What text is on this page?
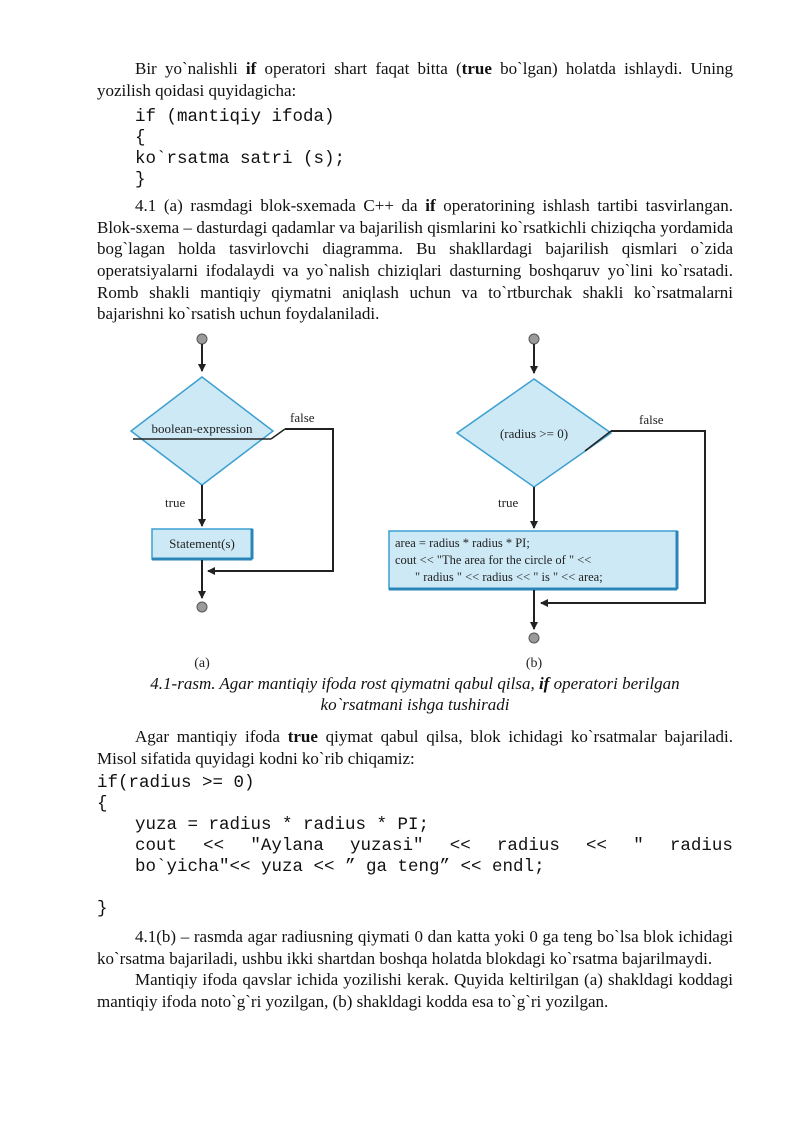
Bir yo`nalishli if operatori shart faqat bitta (true bo`lgan) holatda ishlaydi. Uning yozilish qoidasi quyidagicha:

if (mantiqiy ifoda)
{
ko`rsatma satri (s);
}

4.1 (a) rasmdagi blok-sxemada C++ da if operatorining ishlash tartibi tasvirlangan. Blok-sxema – dasturdagi qadamlar va bajarilish qismlarini ko`rsatkichli chiziqcha yordamida bog`lagan holda tasvirlovchi diagramma. Bu shakllardagi bajarilish qismlari o`zida operatsiyalarni ifodalaydi va yo`nalish chiziqlari dasturning boshqaruv yo`lini ko`rsatadi. Romb shakli mantiqiy qiymatni aniqlash uchun va to`rtburchak shakli ko`rsatmalarni bajarishni ko`rsatish uchun foydalaniladi.

boolean-expression
false
true
Statement(s)
(a)
(radius >= 0)
false
true
area = radius * radius * PI;
cout << "The area for the circle of " <<
" radius " << radius << " is " << area;
(b)

4.1-rasm. Agar mantiqiy ifoda rost qiymatni qabul qilsa, if operatori berilgan
ko`rsatmani ishga tushiradi

Agar mantiqiy ifoda true qiymat qabul qilsa, blok ichidagi ko`rsatmalar bajariladi. Misol sifatida quyidagi kodni ko`rib chiqamiz:

if(radius >= 0)
{
yuza = radius * radius * PI;
cout << "Aylana yuzasi" << radius << " radius
bo`yicha"<< yuza << ” ga teng” << endl;
}

4.1(b) – rasmda agar radiusning qiymati 0 dan katta yoki 0 ga teng bo`lsa blok ichidagi ko`rsatma bajariladi, ushbu ikki shartdan boshqa holatda blokdagi ko`rsatma bajarilmaydi.

Mantiqiy ifoda qavslar ichida yozilishi kerak. Quyida keltirilgan (a) shakldagi koddagi mantiqiy ifoda noto`g`ri yozilgan, (b) shakldagi kodda esa to`g`ri yozilgan.
